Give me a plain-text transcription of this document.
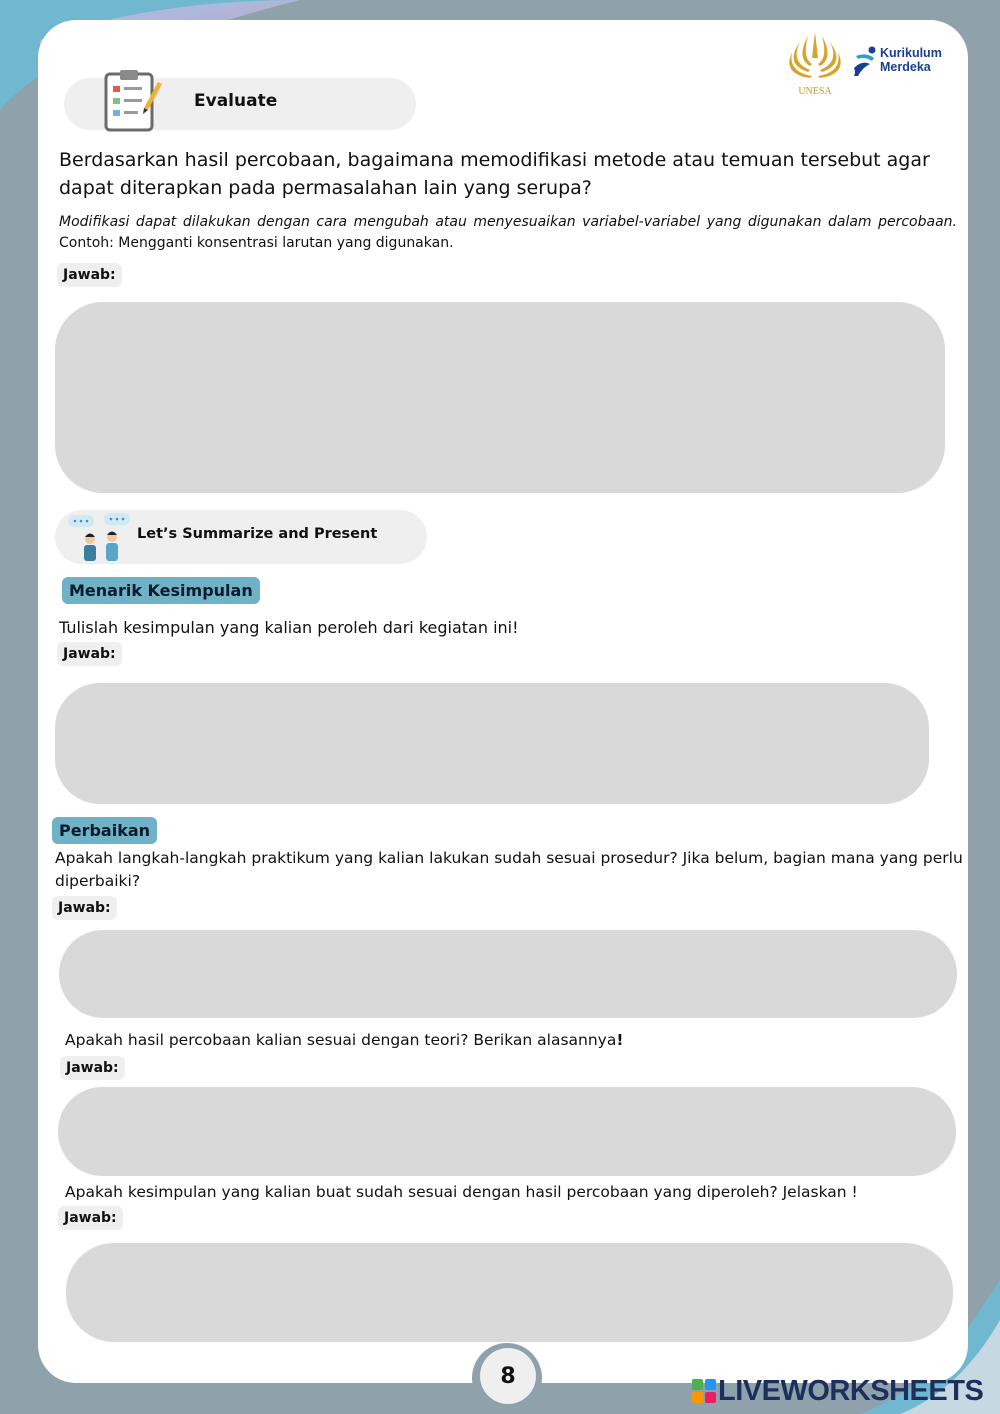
UNESA
Kurikulum
Merdeka
Evaluate
Berdasarkan hasil percobaan, bagaimana memodifikasi metode atau temuan tersebut agar dapat diterapkan pada permasalahan lain yang serupa?
Modifikasi dapat dilakukan dengan cara mengubah atau menyesuaikan variabel-variabel yang digunakan dalam percobaan. Contoh: Mengganti konsentrasi larutan yang digunakan.
Jawab:
Let’s Summarize and Present
Menarik Kesimpulan
Tulislah kesimpulan yang kalian peroleh dari kegiatan ini!
Jawab:
Perbaikan
Apakah langkah-langkah praktikum yang kalian lakukan sudah sesuai prosedur? Jika belum, bagian mana yang perlu diperbaiki?
Jawab:
Apakah hasil percobaan kalian sesuai dengan teori? Berikan alasannya!
Jawab:
Apakah kesimpulan yang kalian buat sudah sesuai dengan hasil percobaan yang diperoleh? Jelaskan !
Jawab:
8	LIVEWORKSHEETS
